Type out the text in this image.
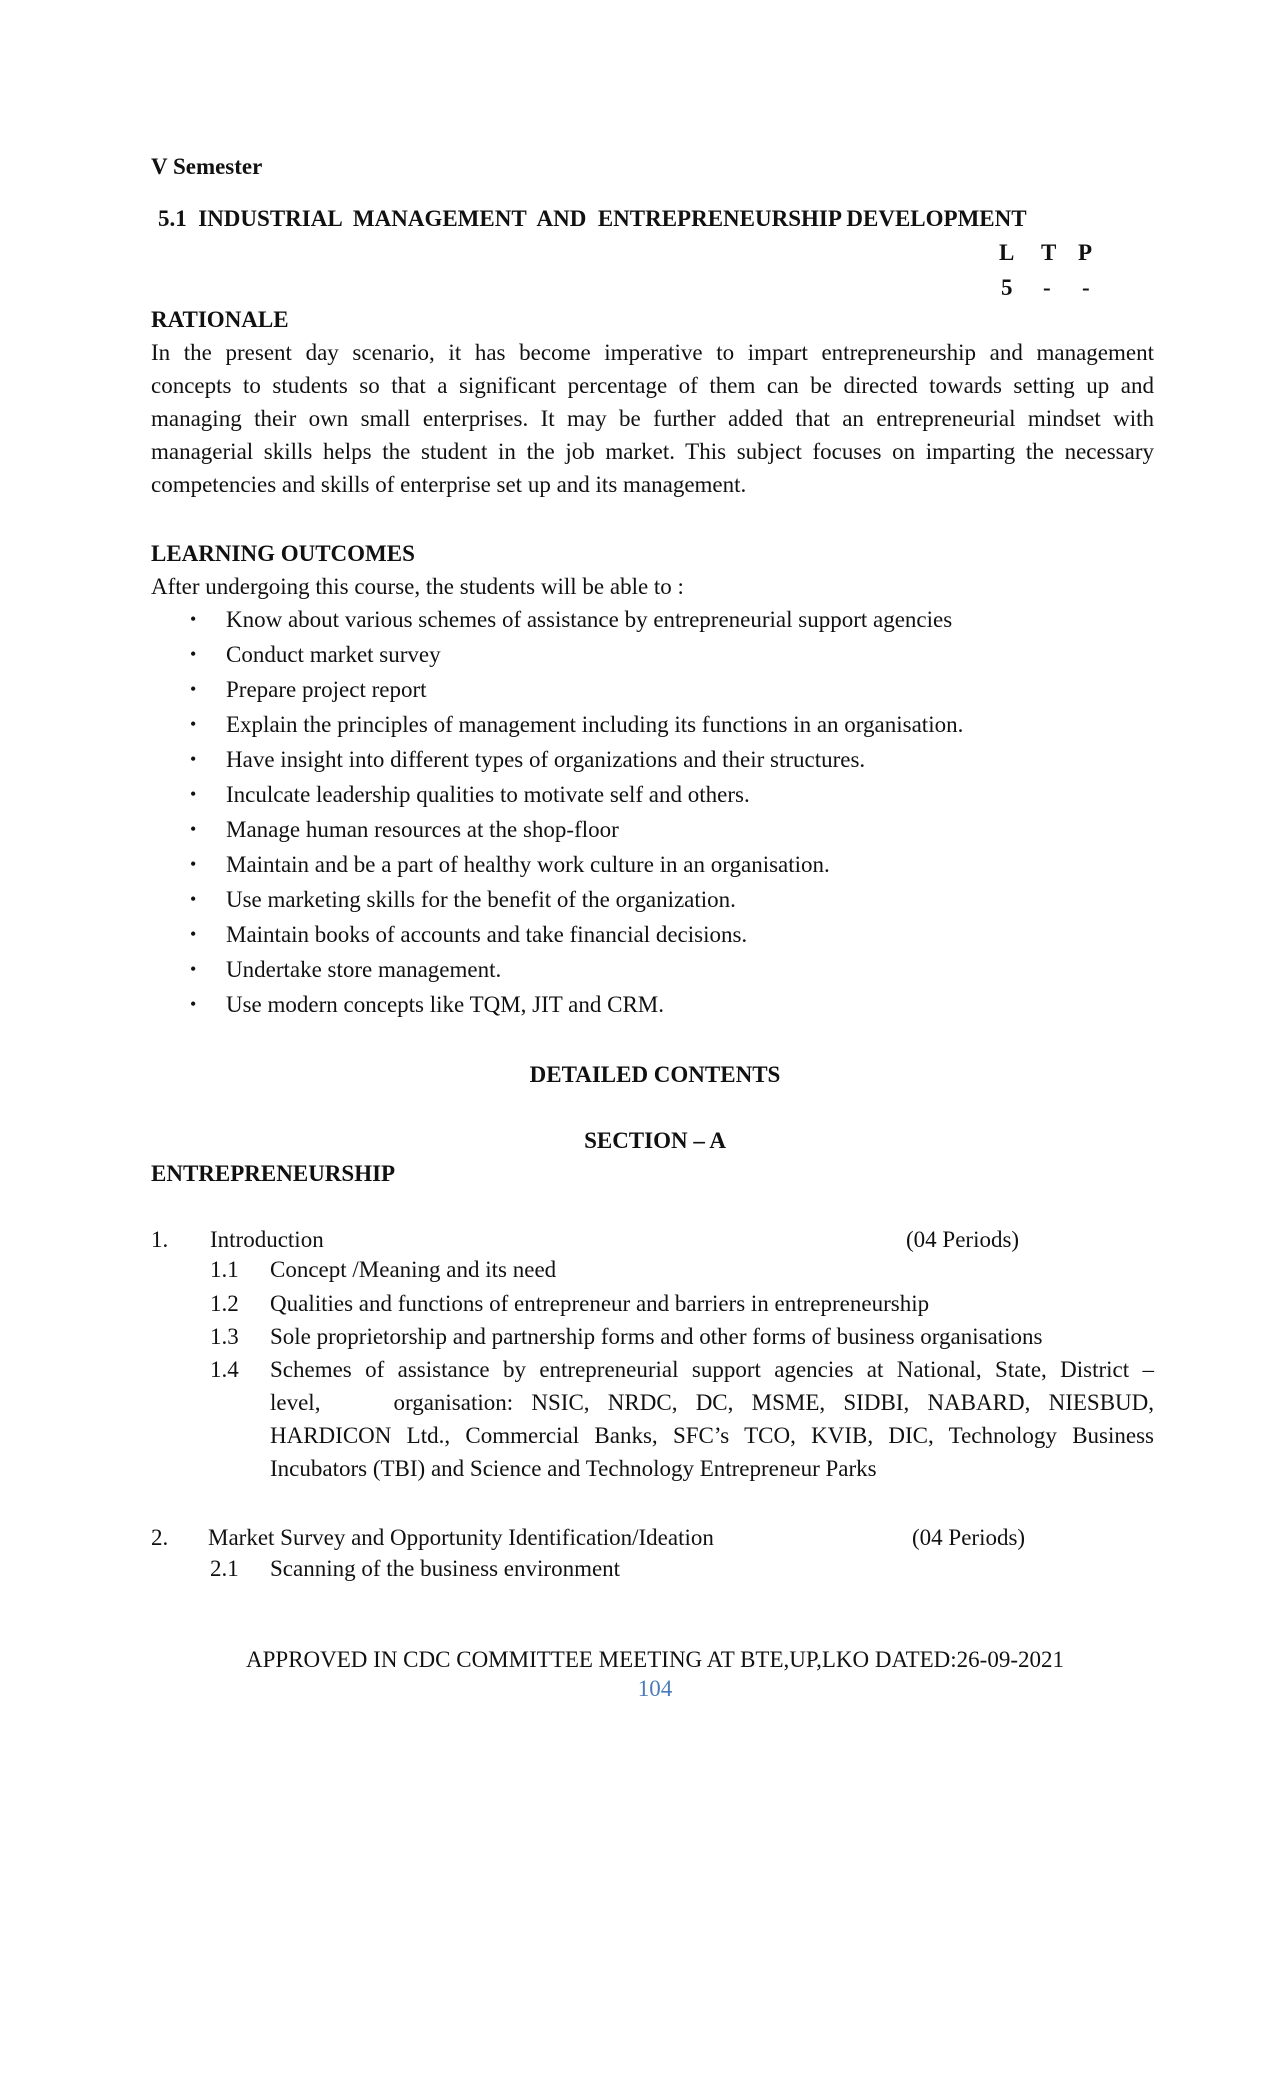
V Semester
5.1  INDUSTRIAL  MANAGEMENT  AND  ENTREPRENEURSHIP DEVELOPMENT
L T P
5 - -
RATIONALE
In the present day scenario, it has become imperative to impart entrepreneurship and management
concepts to students so that a significant percentage of them can be directed towards setting up and
managing their own small enterprises. It may be further added that an entrepreneurial mindset with
managerial skills helps the student in the job market. This subject focuses on imparting the necessary
competencies and skills of enterprise set up and its management.
LEARNING OUTCOMES
After undergoing this course, the students will be able to :
• Know about various schemes of assistance by entrepreneurial support agencies
• Conduct market survey
• Prepare project report
• Explain the principles of management including its functions in an organisation.
• Have insight into different types of organizations and their structures.
• Inculcate leadership qualities to motivate self and others.
• Manage human resources at the shop-floor
• Maintain and be a part of healthy work culture in an organisation.
• Use marketing skills for the benefit of the organization.
• Maintain books of accounts and take financial decisions.
• Undertake store management.
• Use modern concepts like TQM, JIT and CRM.
DETAILED CONTENTS
SECTION – A
ENTREPRENEURSHIP
1. Introduction	(04 Periods)
1.1 Concept /Meaning and its need
1.2 Qualities and functions of entrepreneur and barriers in entrepreneurship
1.3 Sole proprietorship and partnership forms and other forms of business organisations
1.4 Schemes of assistance by entrepreneurial support agencies at National, State, District –
level,    organisation: NSIC, NRDC, DC, MSME, SIDBI, NABARD, NIESBUD,
HARDICON Ltd., Commercial Banks, SFC’s TCO, KVIB, DIC, Technology Business
Incubators (TBI) and Science and Technology Entrepreneur Parks
2. Market Survey and Opportunity Identification/Ideation	(04 Periods)
2.1 Scanning of the business environment
APPROVED IN CDC COMMITTEE MEETING AT BTE,UP,LKO DATED:26-09-2021
104
